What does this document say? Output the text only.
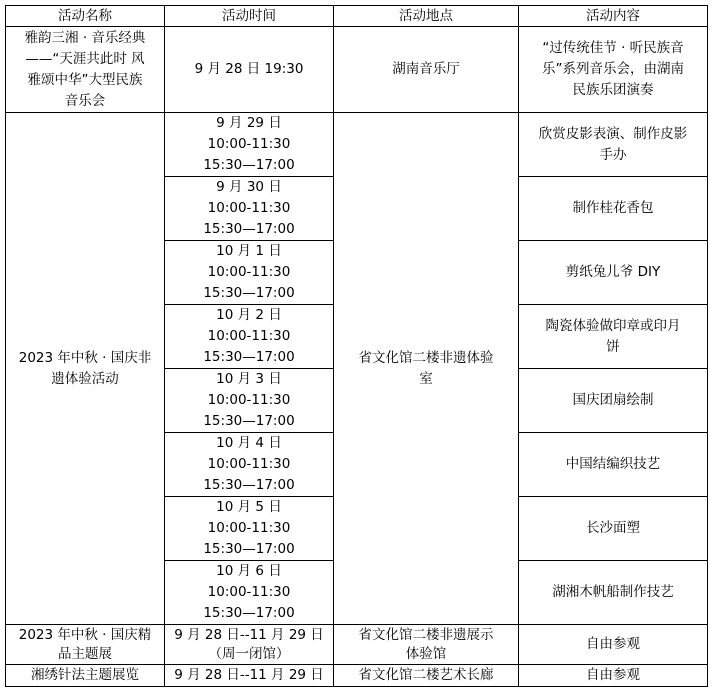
活动名称	活动时间	活动地点	活动内容

雅韵三湘 · 音乐经典
——“天涯共此时 风
雅颂中华”大型民族
音乐会	9 月 28 日 19:30	湖南音乐厅	“过传统佳节 · 听民族音
乐”系列音乐会，由湖南
民族乐团演奏

2023 年中秋 · 国庆非
遗体验活动	9 月 29 日
10:00-11:30
15:30—17:00	省文化馆二楼非遗体验
室	欣赏皮影表演、制作皮影
手办

	9 月 30 日
10:00-11:30
15:30—17:00		制作桂花香包

	10 月 1 日
10:00-11:30
15:30—17:00		剪纸兔儿爷 DIY

	10 月 2 日
10:00-11:30
15:30—17:00		陶瓷体验做印章或印月
饼

	10 月 3 日
10:00-11:30
15:30—17:00		国庆团扇绘制

	10 月 4 日
10:00-11:30
15:30—17:00		中国结编织技艺

	10 月 5 日
10:00-11:30
15:30—17:00		长沙面塑

	10 月 6 日
10:00-11:30
15:30—17:00		湖湘木帆船制作技艺

2023 年中秋 · 国庆精
品主题展	9 月 28 日--11 月 29 日
（周一闭馆）	省文化馆二楼非遗展示
体验馆	自由参观

湘绣针法主题展览	9 月 28 日--11 月 29 日	省文化馆二楼艺术长廊	自由参观
